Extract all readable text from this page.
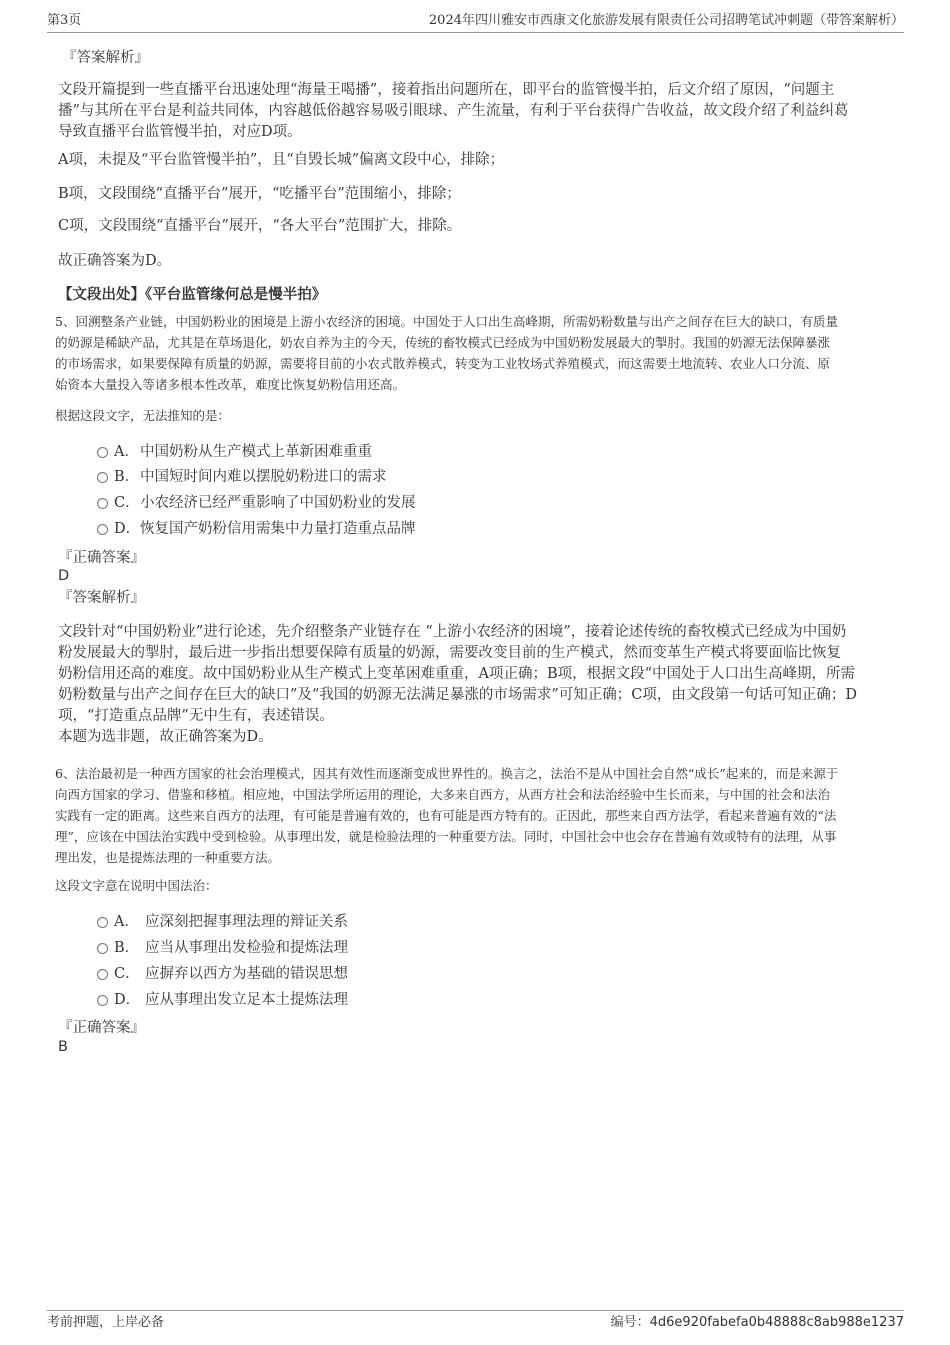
第3页	2024年四川雅安市西康文化旅游发展有限责任公司招聘笔试冲刺题（带答案解析）
『答案解析』
文段开篇提到一些直播平台迅速处理“海量王喝播”，接着指出问题所在，即平台的监管慢半拍，后文介绍了原因，“问题主
播”与其所在平台是利益共同体，内容越低俗越容易吸引眼球、产生流量，有利于平台获得广告收益，故文段介绍了利益纠葛
导致直播平台监管慢半拍，对应D项。
A项，未提及“平台监管慢半拍”，且“自毁长城”偏离文段中心，排除；
B项，文段围绕“直播平台”展开，“吃播平台”范围缩小，排除；
C项，文段围绕“直播平台”展开，“各大平台”范围扩大，排除。
故正确答案为D。
【文段出处】《平台监管缘何总是慢半拍》
5、回溯整条产业链，中国奶粉业的困境是上游小农经济的困境。中国处于人口出生高峰期，所需奶粉数量与出产之间存在巨大的缺口，有质量
的奶源是稀缺产品，尤其是在草场退化，奶农自养为主的今天，传统的畜牧模式已经成为中国奶粉发展最大的掣肘。我国的奶源无法保障暴涨
的市场需求，如果要保障有质量的奶源，需要将目前的小农式散养模式，转变为工业牧场式养殖模式，而这需要土地流转、农业人口分流、原
始资本大量投入等诸多根本性改革，难度比恢复奶粉信用还高。
根据这段文字，无法推知的是：
A． 中国奶粉从生产模式上革新困难重重
B． 中国短时间内难以摆脱奶粉进口的需求
C． 小农经济已经严重影响了中国奶粉业的发展
D． 恢复国产奶粉信用需集中力量打造重点品牌
『正确答案』
D
『答案解析』
文段针对“中国奶粉业”进行论述，先介绍整条产业链存在 “上游小农经济的困境”，接着论述传统的畜牧模式已经成为中国奶
粉发展最大的掣肘，最后进一步指出想要保障有质量的奶源，需要改变目前的生产模式，然而变革生产模式将要面临比恢复
奶粉信用还高的难度。故中国奶粉业从生产模式上变革困难重重，A项正确；B项，根据文段“中国处于人口出生高峰期，所需
奶粉数量与出产之间存在巨大的缺口”及“我国的奶源无法满足暴涨的市场需求”可知正确；C项，由文段第一句话可知正确；D
项，“打造重点品牌”无中生有，表述错误。
本题为选非题，故正确答案为D。
6、法治最初是一种西方国家的社会治理模式，因其有效性而逐渐变成世界性的。换言之，法治不是从中国社会自然“成长”起来的，而是来源于
向西方国家的学习、借鉴和移植。相应地，中国法学所运用的理论，大多来自西方，从西方社会和法治经验中生长而来，与中国的社会和法治
实践有一定的距离。这些来自西方的法理，有可能是普遍有效的，也有可能是西方特有的。正因此，那些来自西方法学，看起来普遍有效的“法
理”，应该在中国法治实践中受到检验。从事理出发，就是检验法理的一种重要方法。同时，中国社会中也会存在普遍有效或特有的法理，从事
理出发，也是提炼法理的一种重要方法。
这段文字意在说明中国法治：
A． 应深刻把握事理法理的辩证关系
B． 应当从事理出发检验和提炼法理
C． 应摒弃以西方为基础的错误思想
D． 应从事理出发立足本土提炼法理
『正确答案』
B
考前押题，上岸必备	编号：4d6e920fabefa0b48888c8ab988e1237
